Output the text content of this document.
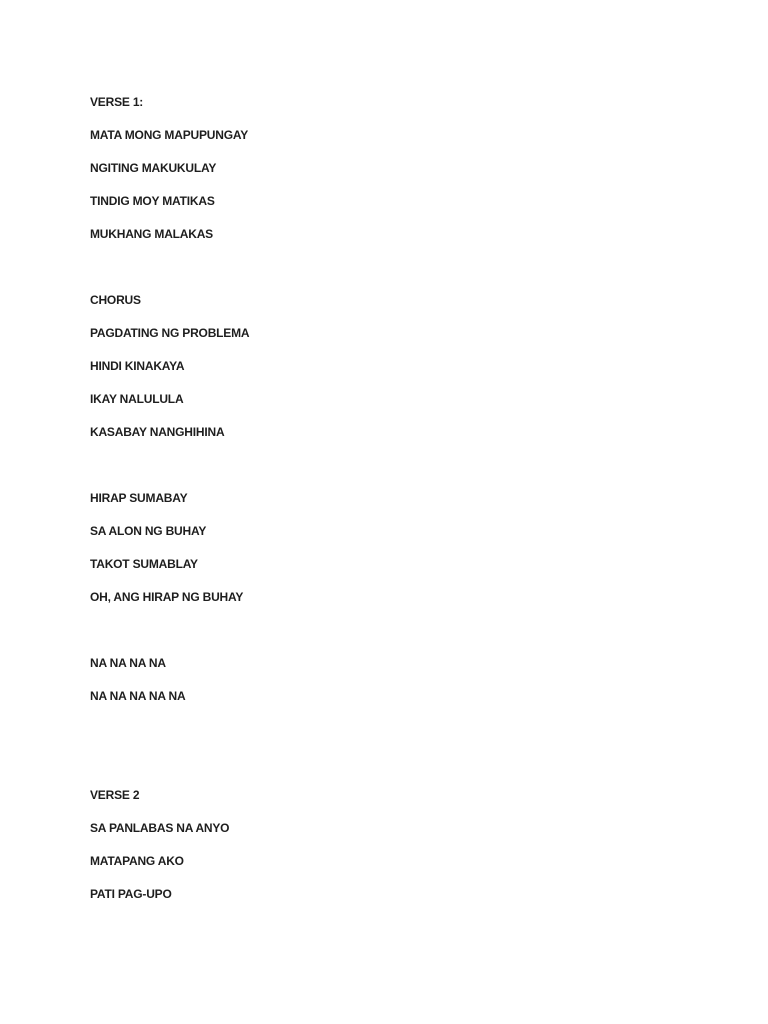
VERSE 1:
MATA MONG MAPUPUNGAY
NGITING MAKUKULAY
TINDIG MOY MATIKAS
MUKHANG MALAKAS
CHORUS
PAGDATING NG PROBLEMA
HINDI KINAKAYA
IKAY NALULULA
KASABAY NANGHIHINA
HIRAP SUMABAY
SA ALON NG BUHAY
TAKOT SUMABLAY
OH, ANG HIRAP NG BUHAY
NA NA NA NA
NA NA NA NA NA
VERSE 2
SA PANLABAS NA ANYO
MATAPANG AKO
PATI PAG-UPO
